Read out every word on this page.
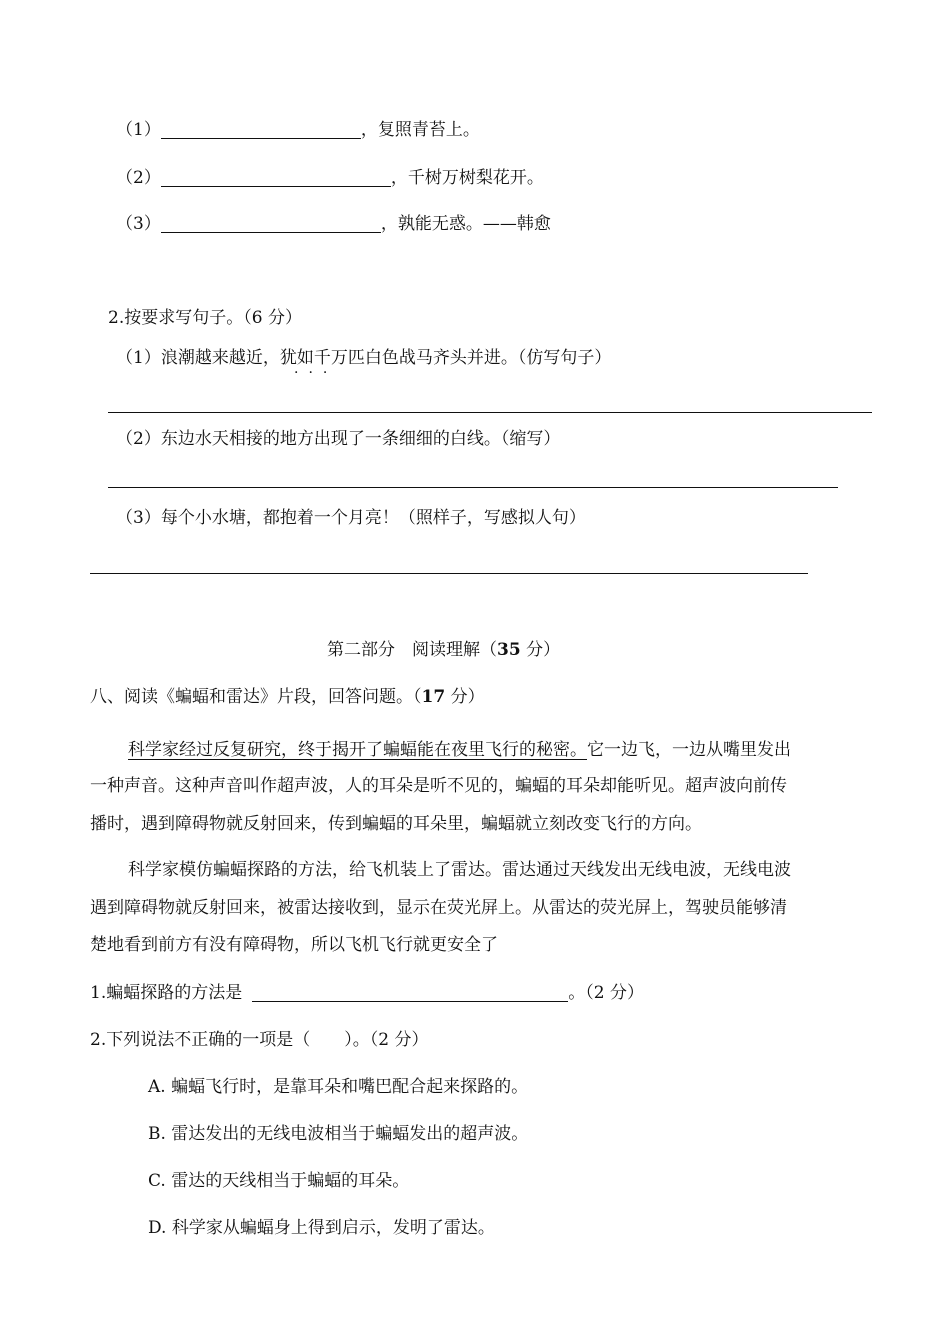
（1）	，复照青苔上。
（2）	，千树万树梨花开。
（3）	，孰能无惑。——韩愈
2.按要求写句子。（6 分）
（1）浪潮越来越近，犹如千万匹白色战马齐头并进。（仿写句子）
···
（2）东边水天相接的地方出现了一条细细的白线。（缩写）
（3）每个小水塘，都抱着一个月亮！（照样子，写感拟人句）
第二部分　阅读理解（35 分）
八、阅读《蝙蝠和雷达》片段，回答问题。（17 分）
科学家经过反复研究，终于揭开了蝙蝠能在夜里飞行的秘密。它一边飞，一边从嘴里发出
一种声音。这种声音叫作超声波，人的耳朵是听不见的，蝙蝠的耳朵却能听见。超声波向前传
播时，遇到障碍物就反射回来，传到蝙蝠的耳朵里，蝙蝠就立刻改变飞行的方向。
科学家模仿蝙蝠探路的方法，给飞机装上了雷达。雷达通过天线发出无线电波，无线电波
遇到障碍物就反射回来，被雷达接收到，显示在荧光屏上。从雷达的荧光屏上，驾驶员能够清
楚地看到前方有没有障碍物，所以飞机飞行就更安全了
1.蝙蝠探路的方法是	。（2 分）
2.下列说法不正确的一项是（　　）。（2 分）
A. 蝙蝠飞行时，是靠耳朵和嘴巴配合起来探路的。
B. 雷达发出的无线电波相当于蝙蝠发出的超声波。
C. 雷达的天线相当于蝙蝠的耳朵。
D. 科学家从蝙蝠身上得到启示，发明了雷达。
